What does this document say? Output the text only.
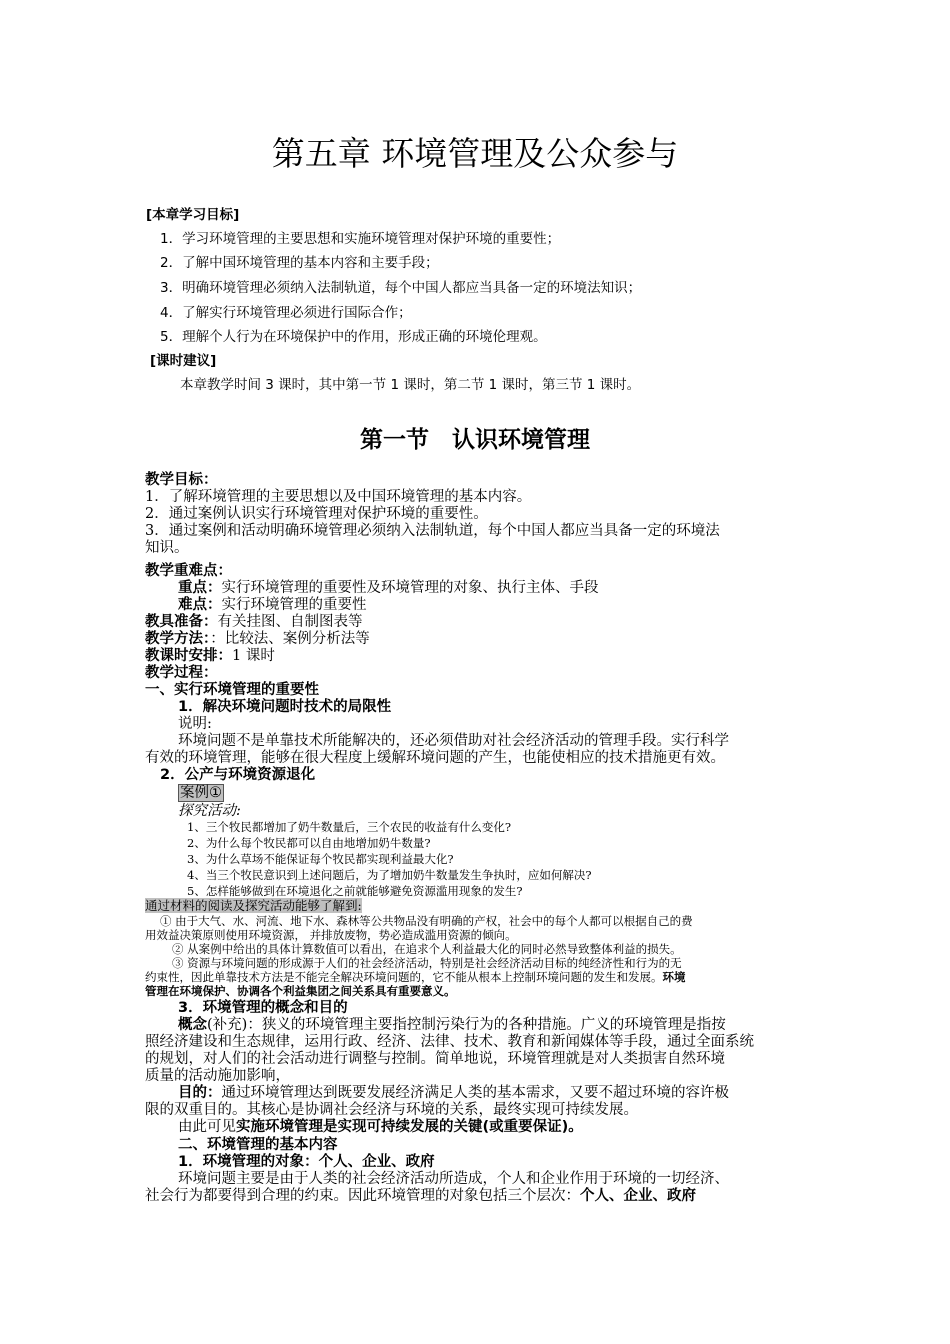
第五章 环境管理及公众参与
[本章学习目标]
1．学习环境管理的主要思想和实施环境管理对保护环境的重要性；
2．了解中国环境管理的基本内容和主要手段；
3．明确环境管理必须纳入法制轨道，每个中国人都应当具备一定的环境法知识；
4．了解实行环境管理必须进行国际合作；
5．理解个人行为在环境保护中的作用，形成正确的环境伦理观。
[课时建议]
本章教学时间 3 课时，其中第一节 1 课时，第二节 1 课时，第三节 1 课时。
第一节　认识环境管理
教学目标：
1．了解环境管理的主要思想以及中国环境管理的基本内容。
2．通过案例认识实行环境管理对保护环境的重要性。
3．通过案例和活动明确环境管理必须纳入法制轨道，每个中国人都应当具备一定的环境法
知识。
教学重难点：
重点：实行环境管理的重要性及环境管理的对象、执行主体、手段
难点：实行环境管理的重要性
教具准备：有关挂图、自制图表等
教学方法：：比较法、案例分析法等
教课时安排：1 课时
教学过程：
一、实行环境管理的重要性
1．解决环境问题时技术的局限性
说明:
环境问题不是单靠技术所能解决的，还必须借助对社会经济活动的管理手段。实行科学
有效的环境管理，能够在很大程度上缓解环境问题的产生，也能使相应的技术措施更有效。
2．公产与环境资源退化
案例①
探究活动:
1、三个牧民都增加了奶牛数量后，三个农民的收益有什么变化?
2、为什么每个牧民都可以自由地增加奶牛数量?
3、为什么草场不能保证每个牧民都实现利益最大化?
4、当三个牧民意识到上述问题后，为了增加奶牛数量发生争执时，应如何解决?
5、怎样能够做到在环境退化之前就能够避免资源滥用现象的发生?
通过材料的阅读及探究活动能够了解到:
① 由于大气、水、河流、地下水、森林等公共物品没有明确的产权，社会中的每个人都可以根据自己的费
用效益决策原则使用环境资源， 并排放废物，势必造成滥用资源的倾向。
② 从案例中给出的具体计算数值可以看出，在追求个人利益最大化的同时必然导致整体利益的损失。
③ 资源与环境问题的形成源于人们的社会经济活动，特别是社会经济活动目标的纯经济性和行为的无
约束性，因此单靠技术方法是不能完全解决环境问题的，它不能从根本上控制环境问题的发生和发展。环境
管理在环境保护、协调各个利益集团之间关系具有重要意义。
3．环境管理的概念和目的
概念(补充)：狭义的环境管理主要指控制污染行为的各种措施。广义的环境管理是指按
照经济建设和生态规律，运用行政、经济、法律、技术、教育和新闻媒体等手段，通过全面系统
的规划，对人们的社会活动进行调整与控制。简单地说，环境管理就是对人类损害自然环境
质量的活动施加影响，
目的：通过环境管理达到既要发展经济满足人类的基本需求，又要不超过环境的容许极
限的双重目的。其核心是协调社会经济与环境的关系，最终实现可持续发展。
由此可见实施环境管理是实现可持续发展的关键(或重要保证)。
二、环境管理的基本内容
1．环境管理的对象：个人、企业、政府
环境问题主要是由于人类的社会经济活动所造成，个人和企业作用于环境的一切经济、
社会行为都要得到合理的约束。因此环境管理的对象包括三个层次：个人、企业、政府
